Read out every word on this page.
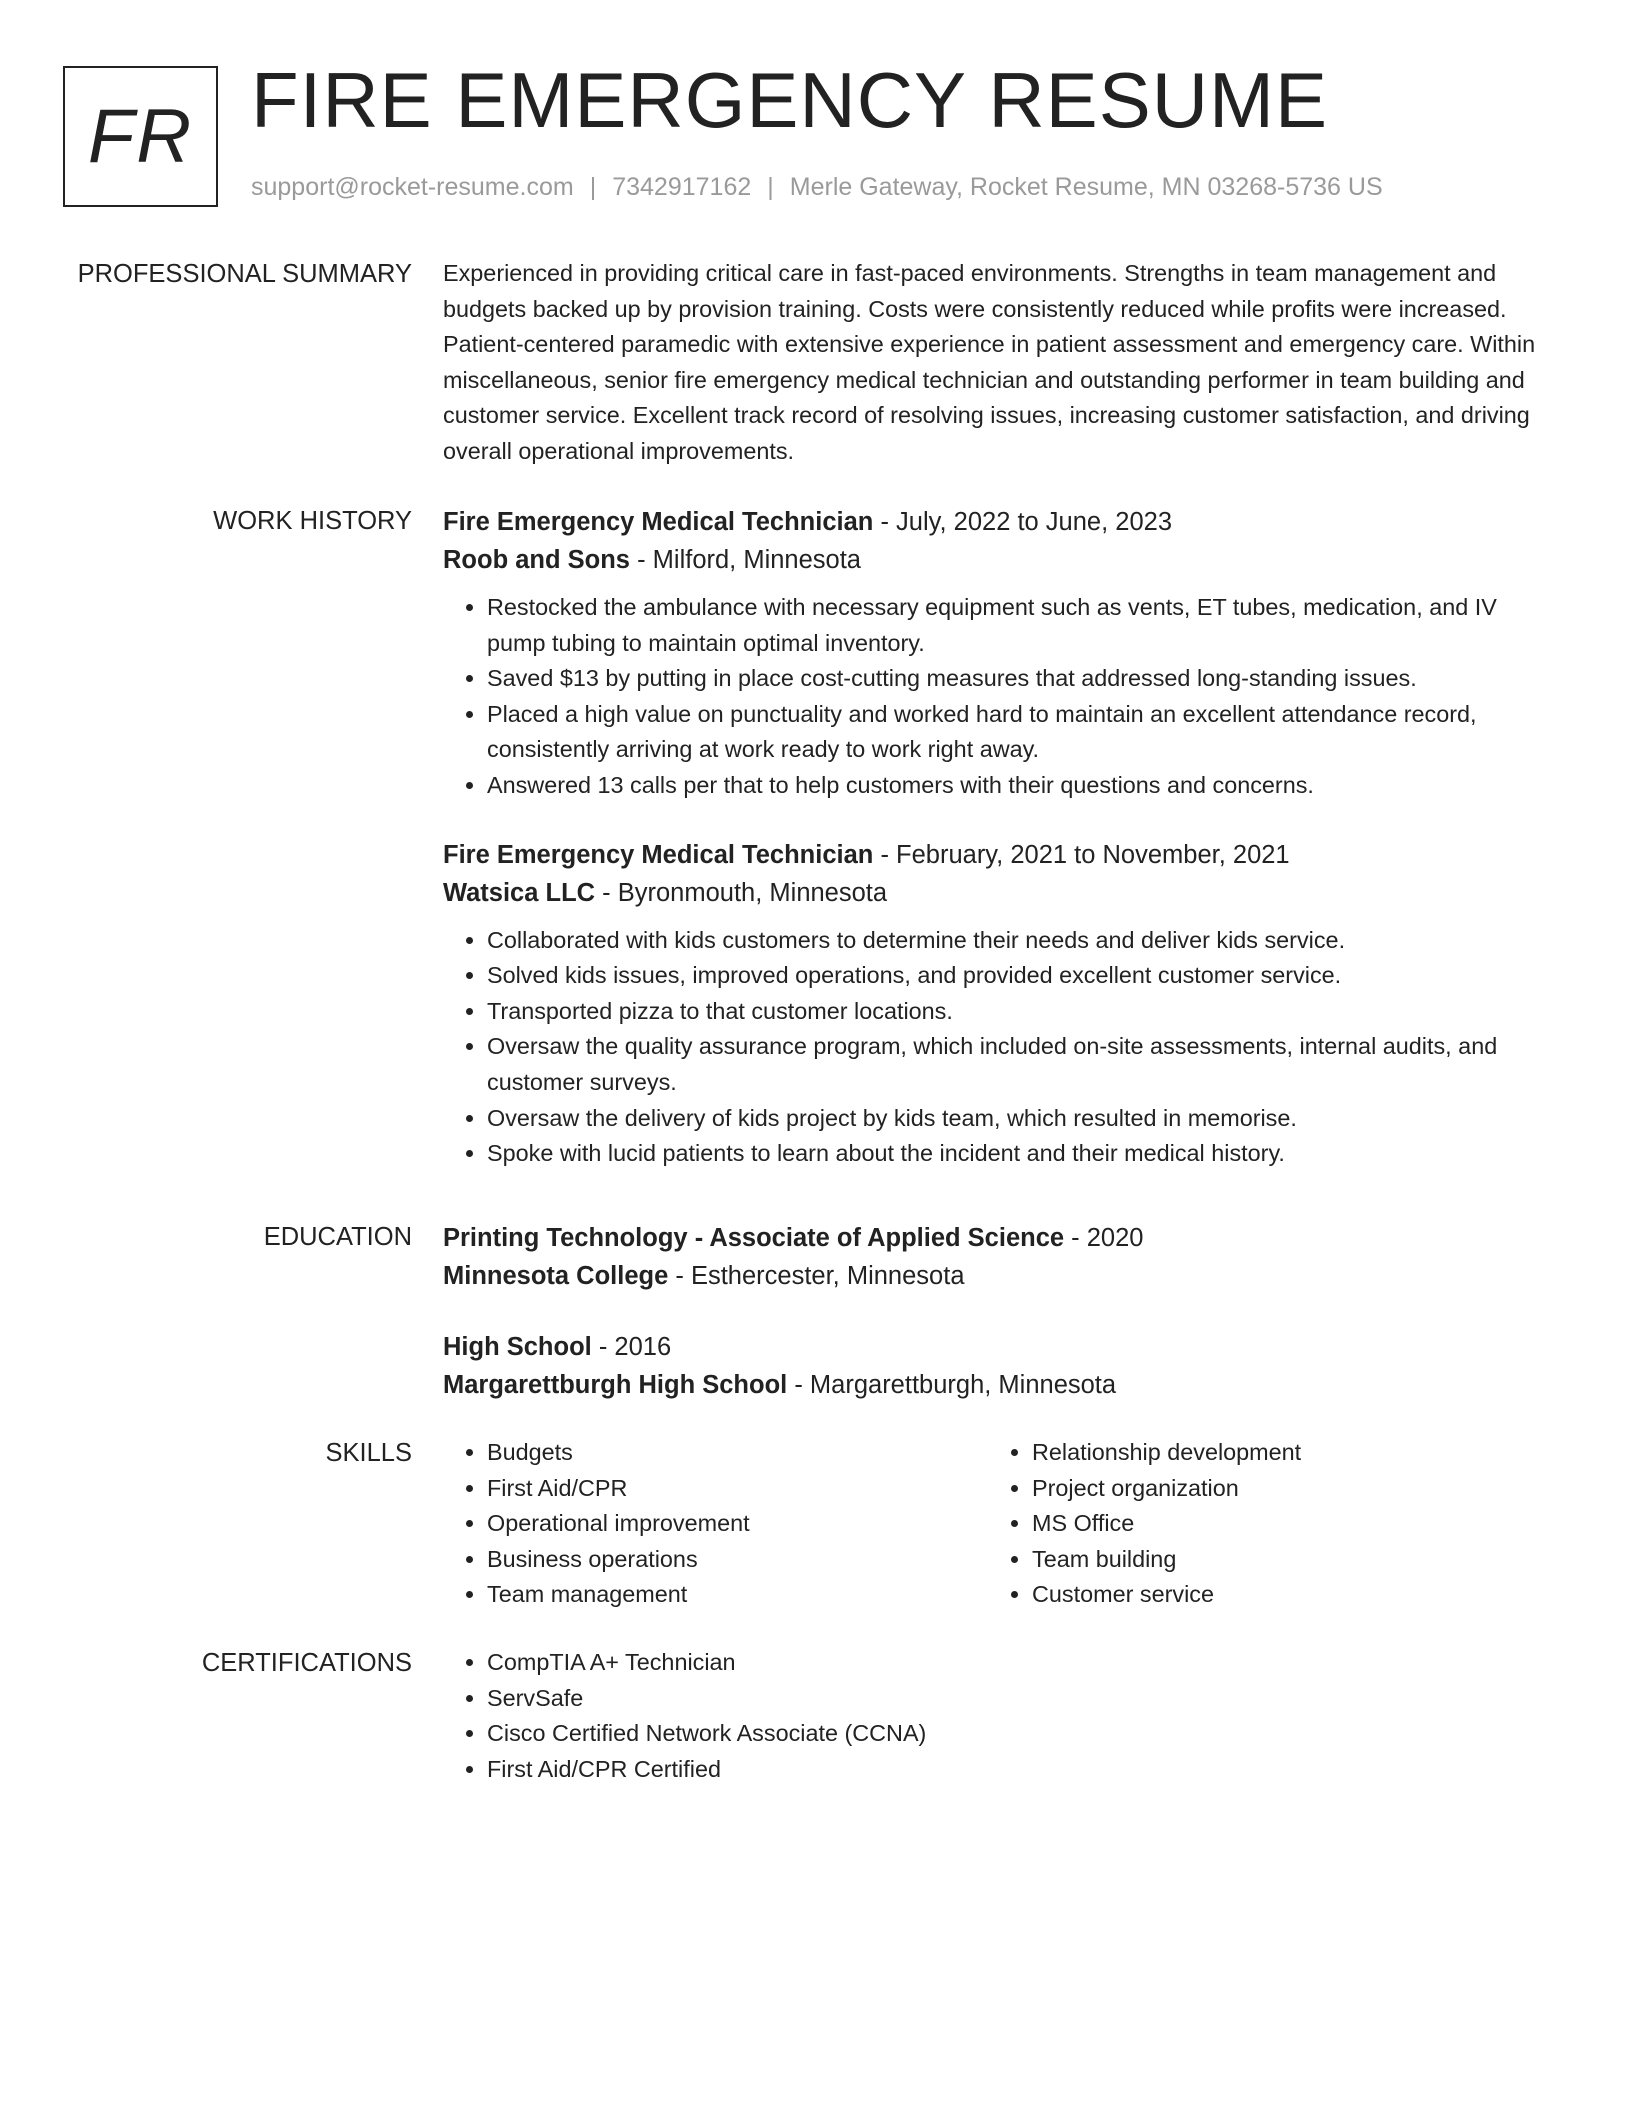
FR FIRE EMERGENCY RESUME
support@rocket-resume.com | 7342917162 | Merle Gateway, Rocket Resume, MN 03268-5736 US
PROFESSIONAL SUMMARY Experienced in providing critical care in fast-paced environments. Strengths in team management and budgets backed up by provision training. Costs were consistently reduced while profits were increased. Patient-centered paramedic with extensive experience in patient assessment and emergency care. Within miscellaneous, senior fire emergency medical technician and outstanding performer in team building and customer service. Excellent track record of resolving issues, increasing customer satisfaction, and driving overall operational improvements.

WORK HISTORY Fire Emergency Medical Technician - July, 2022 to June, 2023

Roob and Sons - Milford, Minnesota

• Restocked the ambulance with necessary equipment such as vents, ET tubes, medication, and IV pump tubing to maintain optimal inventory.
• Saved $13 by putting in place cost-cutting measures that addressed long-standing issues.
• Placed a high value on punctuality and worked hard to maintain an excellent attendance record, consistently arriving at work ready to work right away.
• Answered 13 calls per that to help customers with their questions and concerns.

Fire Emergency Medical Technician - February, 2021 to November, 2021

Watsica LLC - Byronmouth, Minnesota

• Collaborated with kids customers to determine their needs and deliver kids service.
• Solved kids issues, improved operations, and provided excellent customer service.
• Transported pizza to that customer locations.
• Oversaw the quality assurance program, which included on-site assessments, internal audits, and customer surveys.
• Oversaw the delivery of kids project by kids team, which resulted in memorise.
• Spoke with lucid patients to learn about the incident and their medical history.
EDUCATION Printing Technology - Associate of Applied Science - 2020

Minnesota College - Esthercester, Minnesota

High School - 2016

Margarettburgh High School - Margarettburgh, Minnesota

SKILLS	• Budgets
• First Aid/CPR
• Operational improvement
• Business operations
• Team management
• Relationship development
• Project organization
• MS Office
• Team building
• Customer service
CERTIFICATIONS	• CompTIA A+ Technician
• ServSafe
• Cisco Certified Network Associate (CCNA)
• First Aid/CPR Certified
